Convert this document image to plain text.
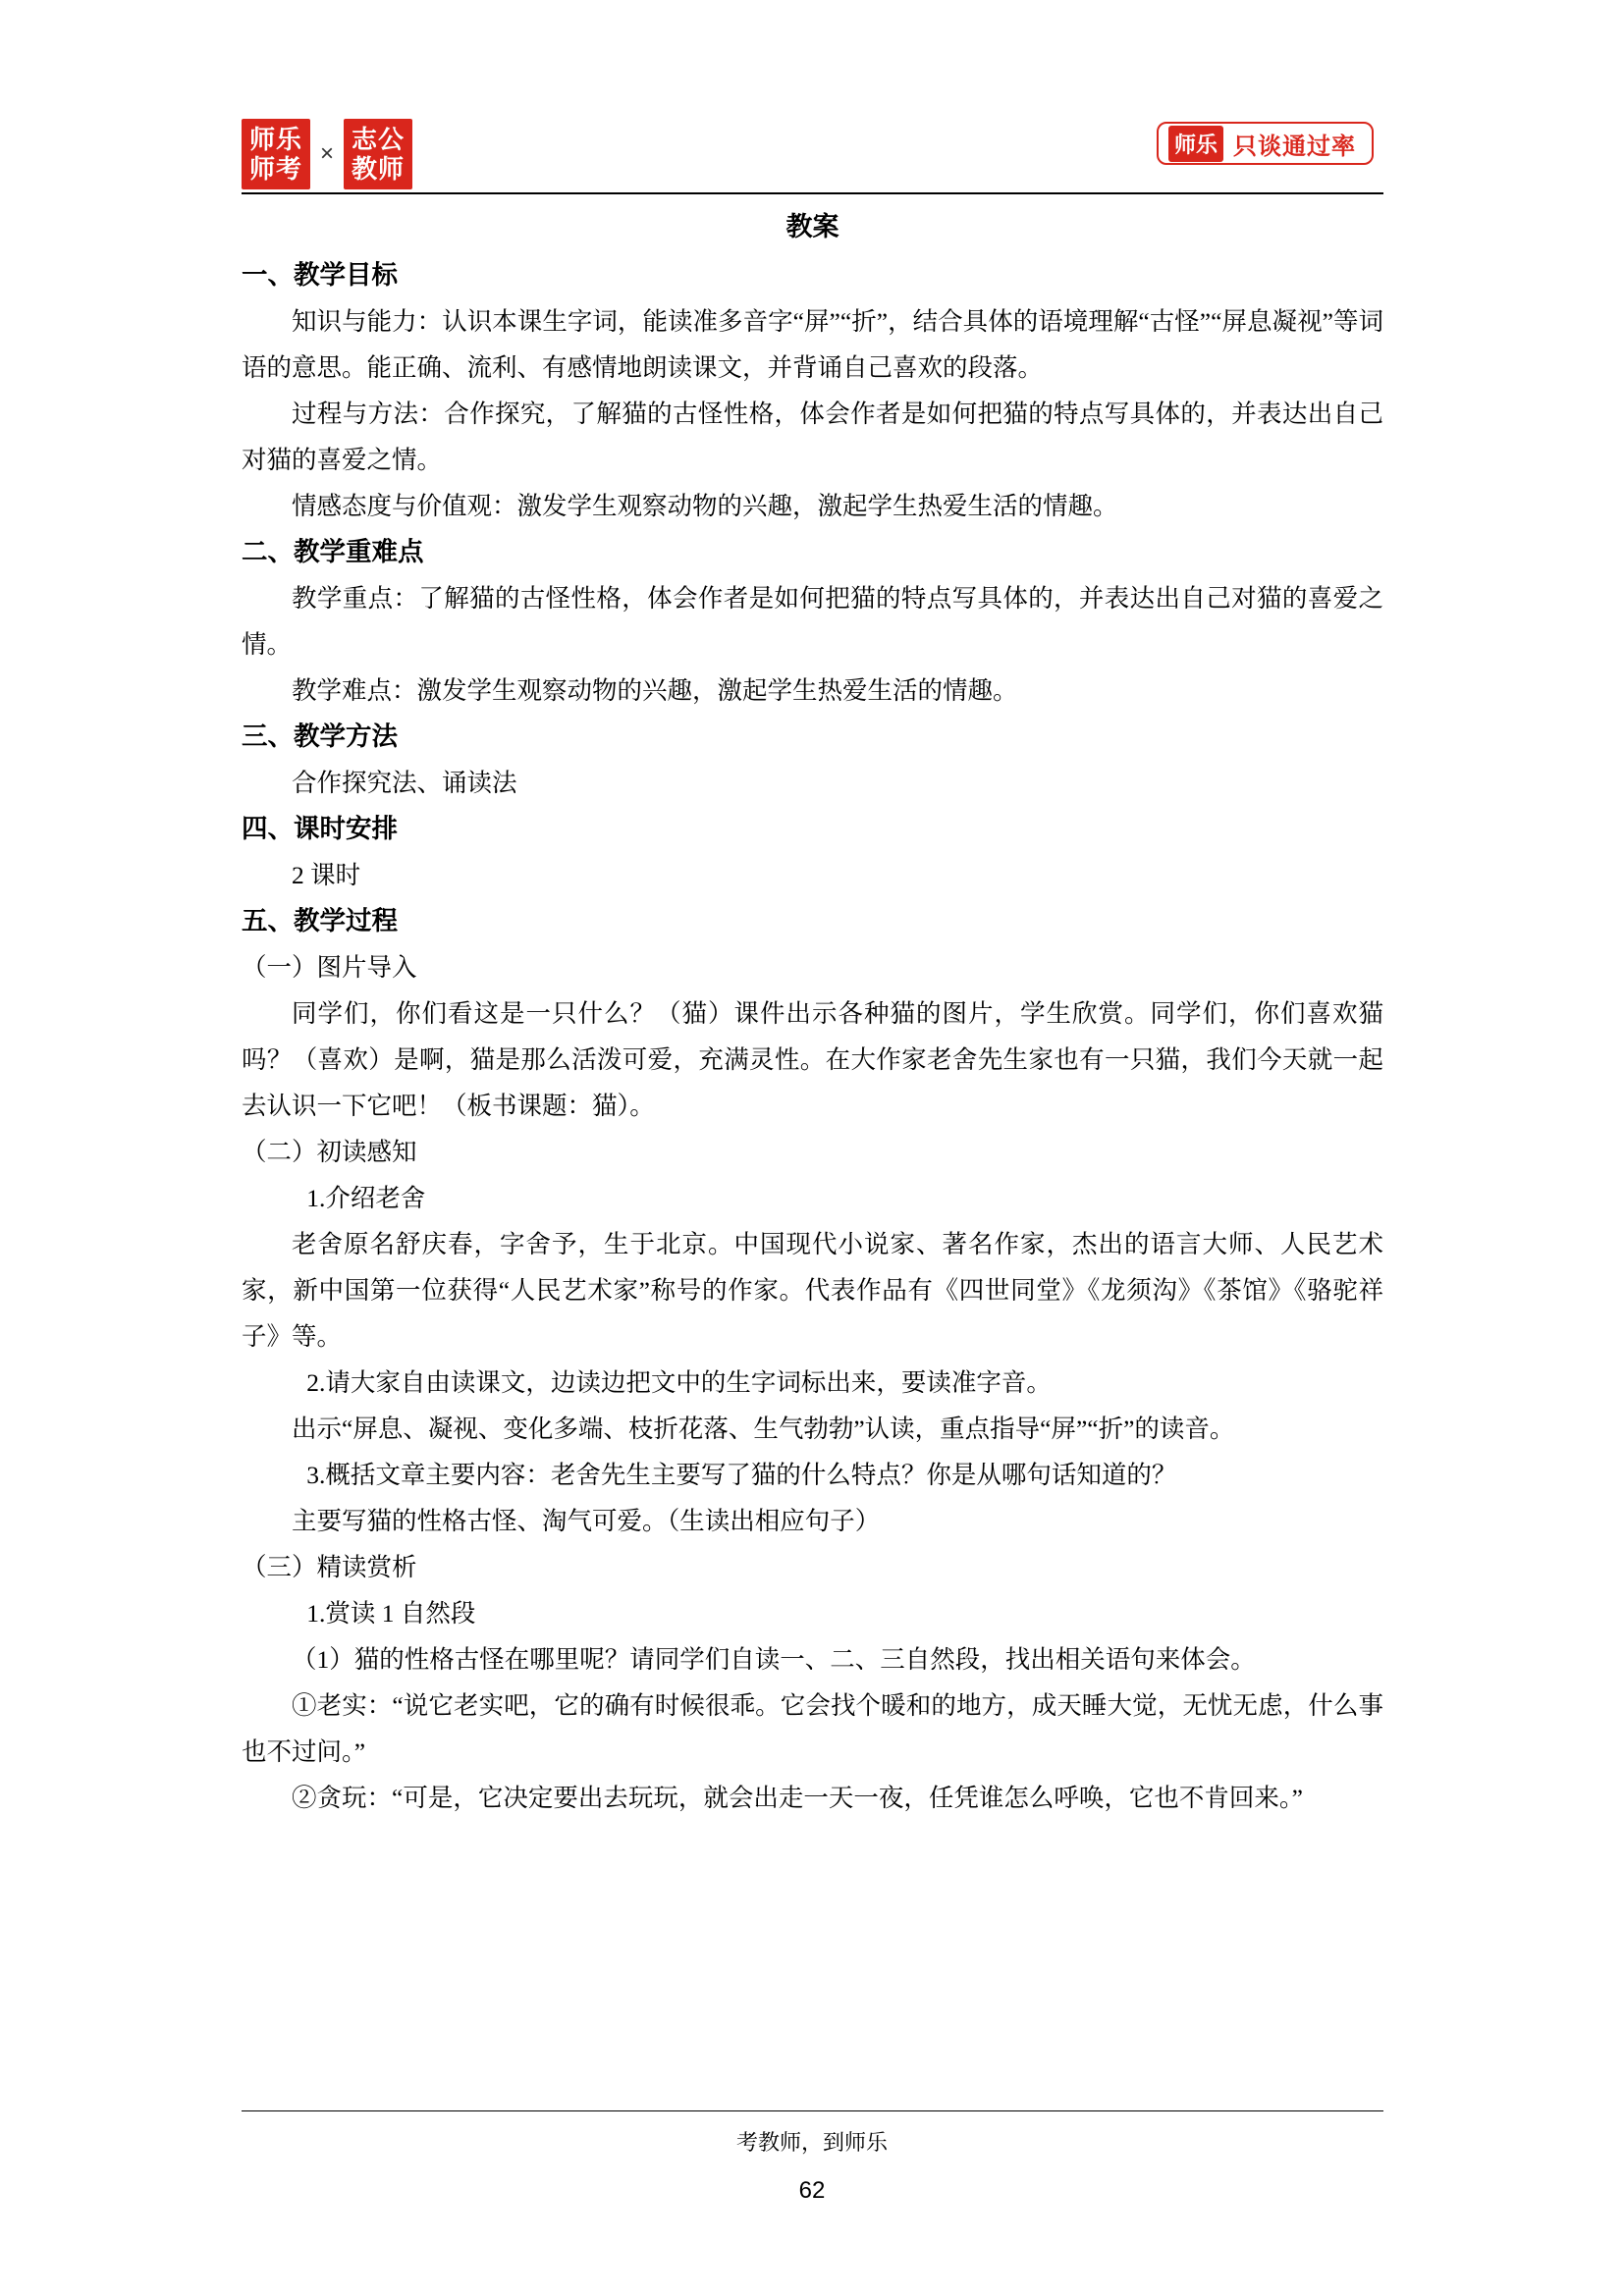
师乐
师考
× 志公
教师
师乐 只谈通过率
教案
一、教学目标

知识与能力：认识本课生字词，能读准多音字“屏”“折”，结合具体的语境理解“古怪”“屏息凝视”等词语的意思。能正确、流利、有感情地朗读课文，并背诵自己喜欢的段落。

过程与方法：合作探究，了解猫的古怪性格，体会作者是如何把猫的特点写具体的，并表达出自己对猫的喜爱之情。

情感态度与价值观：激发学生观察动物的兴趣，激起学生热爱生活的情趣。

二、教学重难点

教学重点：了解猫的古怪性格，体会作者是如何把猫的特点写具体的，并表达出自己对猫的喜爱之情。

教学难点：激发学生观察动物的兴趣，激起学生热爱生活的情趣。

三、教学方法

合作探究法、诵读法

四、课时安排

2 课时

五、教学过程

（一）图片导入

同学们，你们看这是一只什么？（猫）课件出示各种猫的图片，学生欣赏。同学们，你们喜欢猫吗？（喜欢）是啊，猫是那么活泼可爱，充满灵性。在大作家老舍先生家也有一只猫，我们今天就一起去认识一下它吧！（板书课题：猫）。

（二）初读感知

1.介绍老舍

老舍原名舒庆春，字舍予，生于北京。中国现代小说家、著名作家，杰出的语言大师、人民艺术家，新中国第一位获得“人民艺术家”称号的作家。代表作品有《四世同堂》《龙须沟》《茶馆》《骆驼祥子》等。

2.请大家自由读课文，边读边把文中的生字词标出来，要读准字音。

出示“屏息、凝视、变化多端、枝折花落、生气勃勃”认读，重点指导“屏”“折”的读音。

3.概括文章主要内容：老舍先生主要写了猫的什么特点？你是从哪句话知道的？

主要写猫的性格古怪、淘气可爱。（生读出相应句子）

（三）精读赏析

1.赏读 1 自然段

（1）猫的性格古怪在哪里呢？请同学们自读一、二、三自然段，找出相关语句来体会。

①老实：“说它老实吧，它的确有时候很乖。它会找个暖和的地方，成天睡大觉，无忧无虑，什么事也不过问。”

②贪玩：“可是，它决定要出去玩玩，就会出走一天一夜，任凭谁怎么呼唤，它也不肯回来。”

考教师，到师乐
62
